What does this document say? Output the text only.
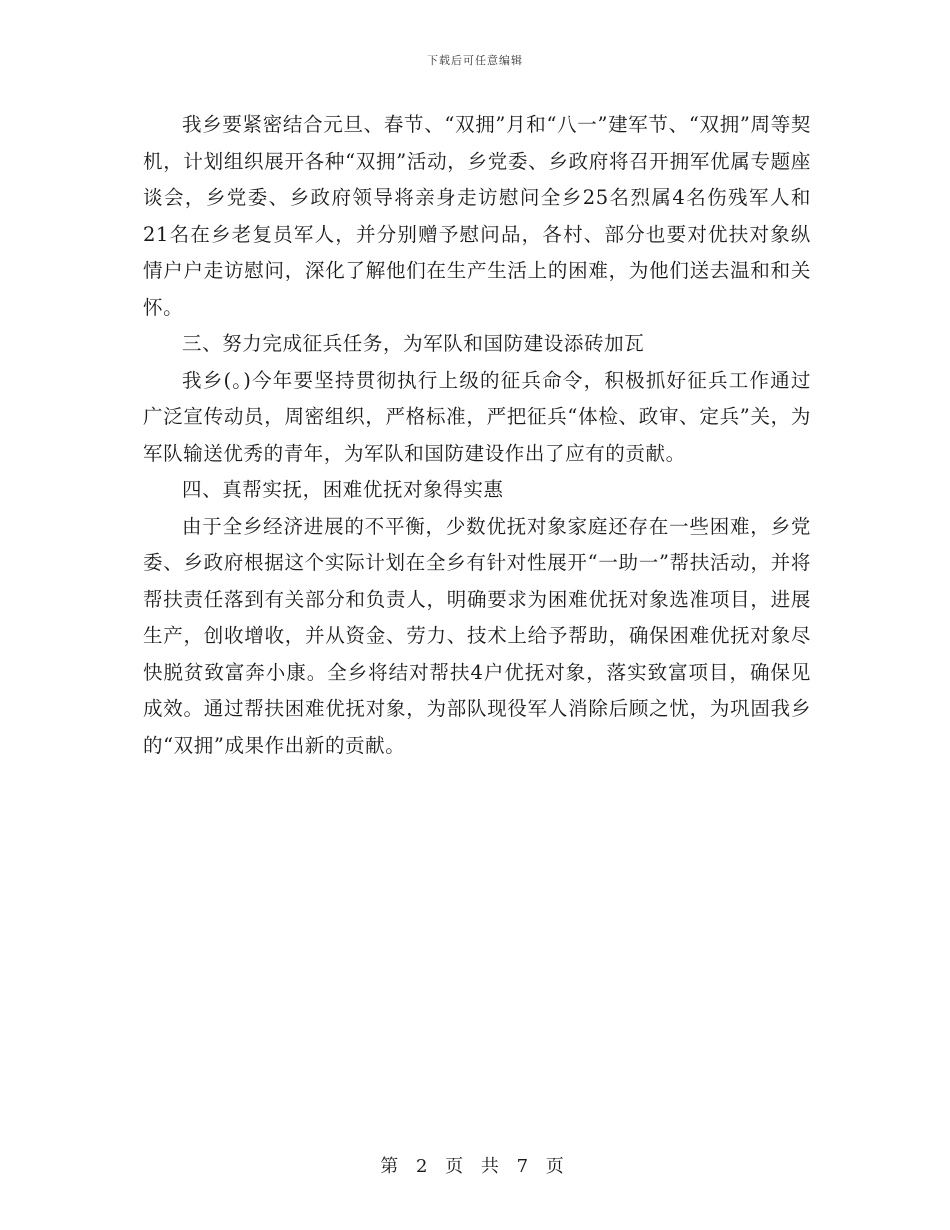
下载后可任意编辑

我乡要紧密结合元旦、春节、“双拥”月和“八一”建军节、“双拥”周等契机，计划组织展开各种“双拥”活动，乡党委、乡政府将召开拥军优属专题座谈会，乡党委、乡政府领导将亲身走访慰问全乡25名烈属4名伤残军人和21名在乡老复员军人，并分别赠予慰问品，各村、部分也要对优扶对象纵情户户走访慰问，深化了解他们在生产生活上的困难，为他们送去温和和关怀。

三、努力完成征兵任务，为军队和国防建设添砖加瓦

我乡(。)今年要坚持贯彻执行上级的征兵命令，积极抓好征兵工作通过广泛宣传动员，周密组织，严格标准，严把征兵“体检、政审、定兵”关，为军队输送优秀的青年，为军队和国防建设作出了应有的贡献。

四、真帮实抚，困难优抚对象得实惠

由于全乡经济进展的不平衡，少数优抚对象家庭还存在一些困难，乡党委、乡政府根据这个实际计划在全乡有针对性展开“一助一”帮扶活动，并将帮扶责任落到有关部分和负责人，明确要求为困难优抚对象选准项目，进展生产，创收增收，并从资金、劳力、技术上给予帮助，确保困难优抚对象尽快脱贫致富奔小康。全乡将结对帮扶4户优抚对象，落实致富项目，确保见成效。通过帮扶困难优抚对象，为部队现役军人消除后顾之忧，为巩固我乡的“双拥”成果作出新的贡献。

第 2 页 共 7 页
